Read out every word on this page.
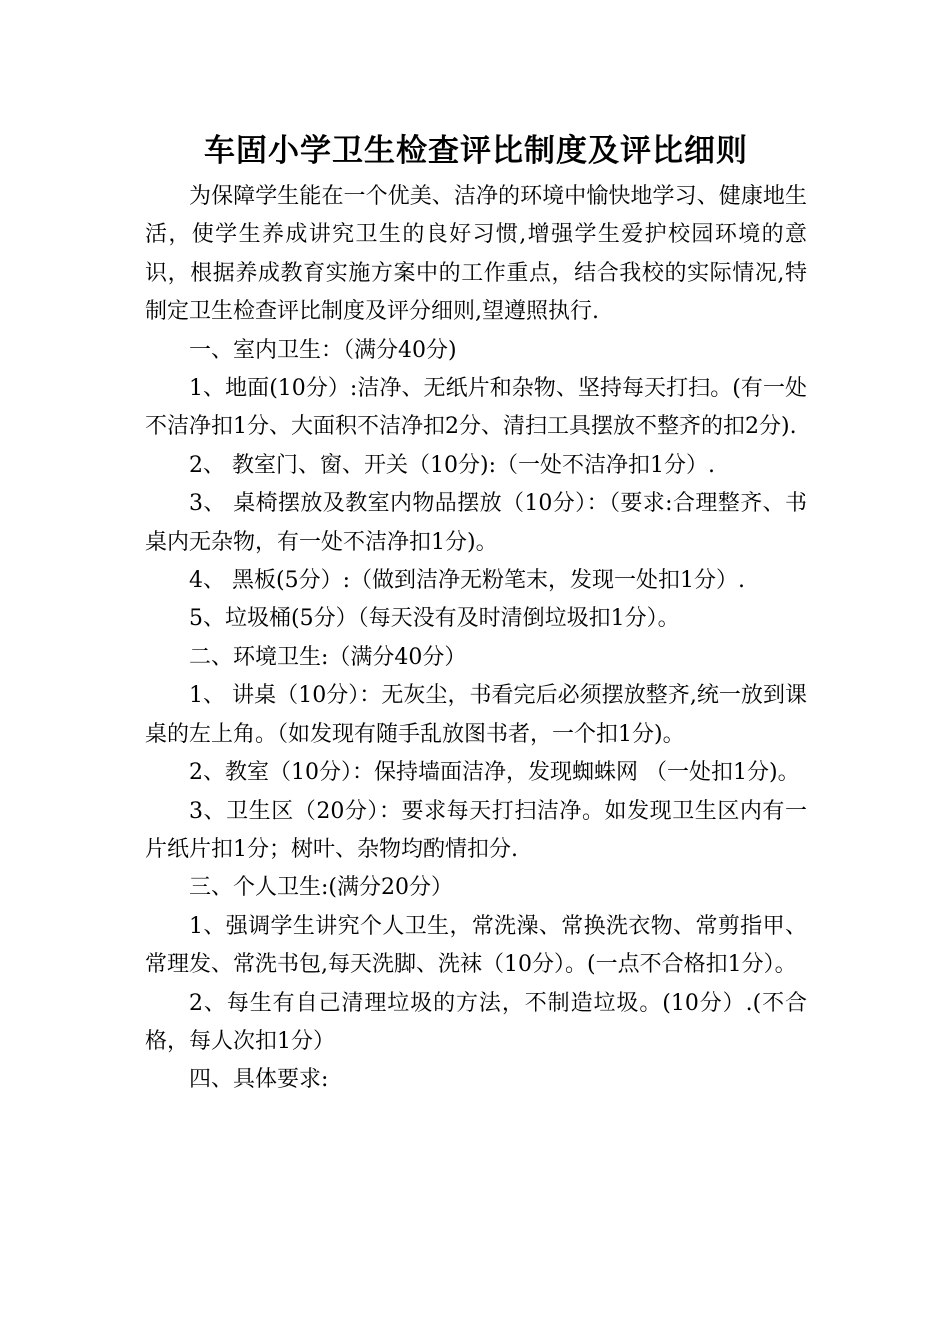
车固小学卫生检查评比制度及评比细则

为保障学生能在一个优美、洁净的环境中愉快地学习、健康地生活，使学生养成讲究卫生的良好习惯,增强学生爱护校园环境的意识，根据养成教育实施方案中的工作重点，结合我校的实际情况,特制定卫生检查评比制度及评分细则,望遵照执行.

一、室内卫生：（满分40分)

1、地面(10分）:洁净、无纸片和杂物、坚持每天打扫。(有一处不洁净扣1分、大面积不洁净扣2分、清扫工具摆放不整齐的扣2分).

2、 教室门、窗、开关（10分):（一处不洁净扣1分）.

3、 桌椅摆放及教室内物品摆放（10分）：（要求:合理整齐、书桌内无杂物，有一处不洁净扣1分)。

4、 黑板(5分）:（做到洁净无粉笔末，发现一处扣1分）.

5、垃圾桶(5分）（每天没有及时清倒垃圾扣1分）。

二、环境卫生:（满分40分）

1、 讲桌（10分）：无灰尘，书看完后必须摆放整齐,统一放到课桌的左上角。（如发现有随手乱放图书者，一个扣1分)。

2、教室（10分）：保持墙面洁净，发现蜘蛛网 （一处扣1分)。

3、卫生区（20分）：要求每天打扫洁净。如发现卫生区内有一片纸片扣1分；树叶、杂物均酌情扣分.

三、个人卫生:(满分20分）

1、强调学生讲究个人卫生，常洗澡、常换洗衣物、常剪指甲、常理发、常洗书包,每天洗脚、洗袜（10分）。(一点不合格扣1分）。

2、每生有自己清理垃圾的方法，不制造垃圾。(10分）.(不合格，每人次扣1分）

四、具体要求:
